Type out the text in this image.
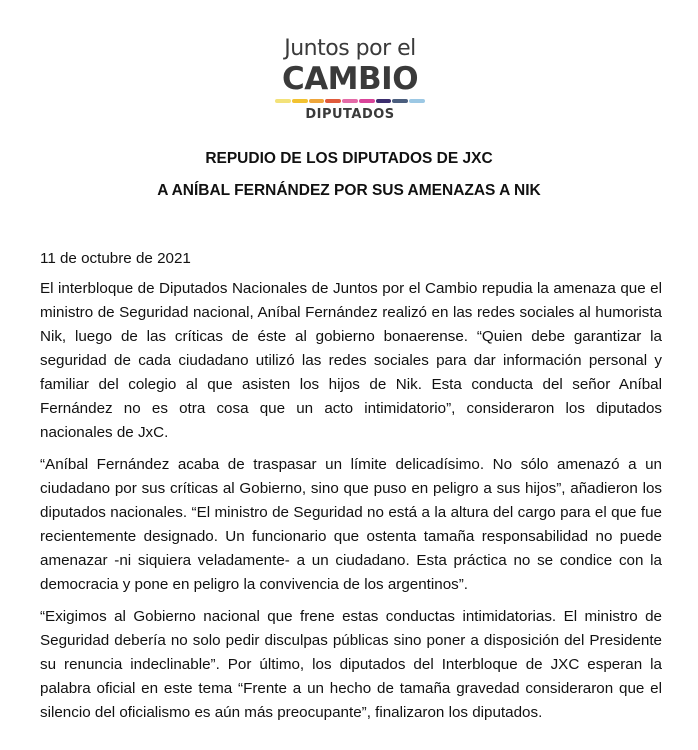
Juntos por el
CAMBIO
DIPUTADOS
REPUDIO DE LOS DIPUTADOS DE JXC
A ANÍBAL FERNÁNDEZ POR SUS AMENAZAS A NIK

11 de octubre de 2021

El interbloque de Diputados Nacionales de Juntos por el Cambio repudia la amenaza que el ministro de Seguridad nacional, Aníbal Fernández realizó en las redes sociales al humorista Nik, luego de las críticas de éste al gobierno bonaerense. “Quien debe garantizar la seguridad de cada ciudadano utilizó las redes sociales para dar información personal y familiar del colegio al que asisten los hijos de Nik. Esta conducta del señor Aníbal Fernández no es otra cosa que un acto intimidatorio”, consideraron los diputados nacionales de JxC.

“Aníbal Fernández acaba de traspasar un límite delicadísimo. No sólo amenazó a un ciudadano por sus críticas al Gobierno, sino que puso en peligro a sus hijos”, añadieron los diputados nacionales. “El ministro de Seguridad no está a la altura del cargo para el que fue recientemente designado. Un funcionario que ostenta tamaña responsabilidad no puede amenazar -ni siquiera veladamente- a un ciudadano. Esta práctica no se condice con la democracia y pone en peligro la convivencia de los argentinos”.

“Exigimos al Gobierno nacional que frene estas conductas intimidatorias. El ministro de Seguridad debería no solo pedir disculpas públicas sino poner a disposición del Presidente su renuncia indeclinable”. Por último, los diputados del Interbloque de JXC esperan la palabra oficial en este tema “Frente a un hecho de tamaña gravedad consideraron que el silencio del oficialismo es aún más preocupante”, finalizaron los diputados.
